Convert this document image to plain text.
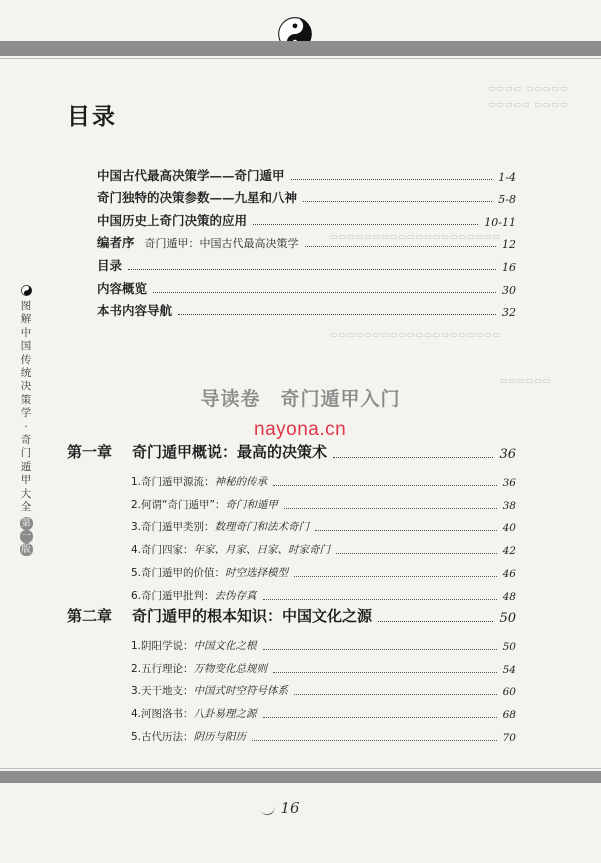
▭▭▭▭ ▭▭▭▭▭
▭▭▭▭▭ ▭▭▭▭
▭▭▭▭▭▭▭▭▭▭▭▭▭▭▭▭▭▭▭▭
▭▭▭▭▭▭▭▭▭▭▭▭▭▭▭▭▭▭▭▭
▭▭▭▭▭▭
图
解
中
国
传
统
决
策
学
·
奇
门
遁
甲
大
全
第
一
版
目录
中国古代最高决策学——奇门遁甲	1-4
奇门独特的决策参数——九星和八神	5-8
中国历史上奇门决策的应用	10-11
编者序 奇门遁甲：中国古代最高决策学	12
目录	16
内容概览	30
本书内容导航	32
导读卷 奇门遁甲入门
nayona.cn
第一章 奇门遁甲概说：最高的决策术	36
1.奇门遁甲源流： 神秘的传承	36
2.何谓“奇门遁甲”： 奇门和遁甲	38
3.奇门遁甲类别： 数理奇门和法术奇门	40
4.奇门四家： 年家、月家、日家、时家奇门	42
5.奇门遁甲的价值： 时空选择模型	46
6.奇门遁甲批判： 去伪存真	48
第二章 奇门遁甲的根本知识：中国文化之源	50
1.阴阳学说： 中国文化之根	50
2.五行理论： 万物变化总规则	54
3.天干地支： 中国式时空符号体系	60
4.河图洛书： 八卦易理之源	68
5.古代历法： 阴历与阳历	70
16
